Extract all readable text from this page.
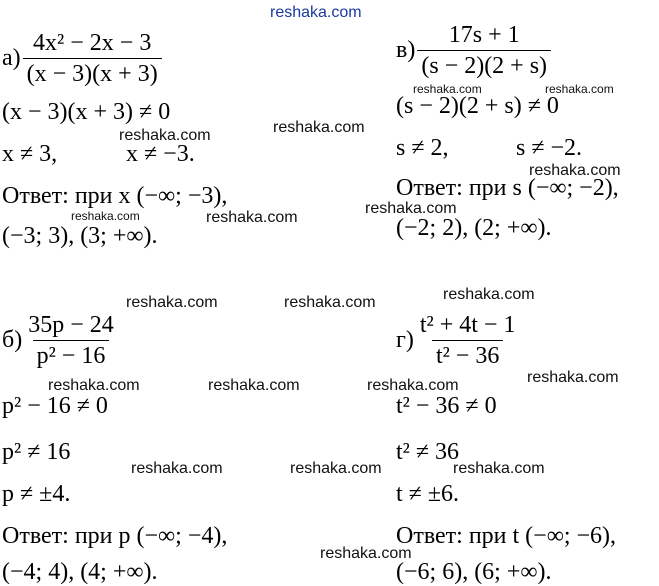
reshaka.com
reshaka.com	reshaka.com
reshaka.com	reshaka.com
reshaka.com
reshaka.com	reshaka.com
reshaka.com
reshaka.com	reshaka.com	reshaka.com
reshaka.com	reshaka.com	reshaka.com	reshaka.com
reshaka.com	reshaka.com	reshaka.com
reshaka.com
$а) \frac{\text{4x² − 2x − 3}}{(x - 3)(x + 3)}$
(x − 3)(x + 3) ≠ 0
x ≠ 3,	x ≠ −3.
Ответ: при x (−∞; −3),
(−3; 3), (3; +∞).
$в) \frac{17s + 1}{(s - 2)(2 + s)}$
(s − 2)(2 + s) ≠ 0
s ≠ 2,	s ≠ −2.
Ответ: при s (−∞; −2),
(−2; 2), (2; +∞).
$б) \frac{35p - 24}{\text{p² − 16}}$
p² − 16 ≠ 0
p² ≠ 16
p ≠ ±4.
Ответ: при p (−∞; −4),
(−4; 4), (4; +∞).
$г) \frac{\text{t² + 4t − 1}}{\text{t² − 36}}$
t² − 36 ≠ 0
t² ≠ 36
t ≠ ±6.
Ответ: при t (−∞; −6),
(−6; 6), (6; +∞).
